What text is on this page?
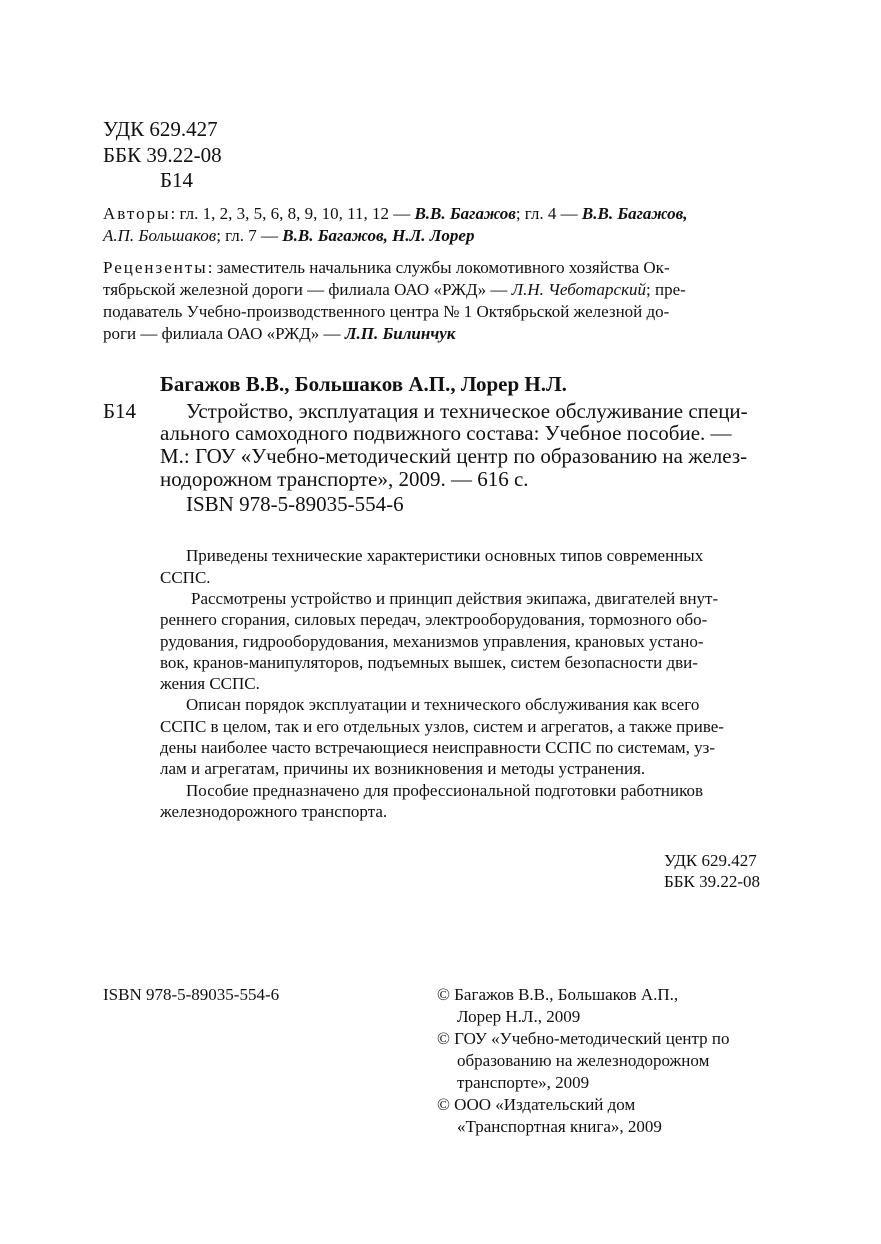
УДК 629.427

ББК 39.22-08

Б14

Авторы: гл. 1, 2, 3, 5, 6, 8, 9, 10, 11, 12 — В.В. Багажов; гл. 4 — В.В. Багажов,

А.П. Большаков; гл. 7 — В.В. Багажов, Н.Л. Лорер

Рецензенты: заместитель начальника службы локомотивного хозяйства Ок-

тябрьской железной дороги — филиала ОАО «РЖД» — Л.Н. Чеботарский; пре-

подаватель Учебно-производственного центра № 1 Октябрьской железной до-

роги — филиала ОАО «РЖД» — Л.П. Билинчук

Багажов В.В., Большаков А.П., Лорер Н.Л.

Б14 Устройство, эксплуатация и техническое обслуживание специ-

ального самоходного подвижного состава: Учебное пособие. —

М.: ГОУ «Учебно-методический центр по образованию на желез-

нодорожном транспорте», 2009. — 616 с.

ISBN 978-5-89035-554-6

Приведены технические характеристики основных типов современных

ССПС.

Рассмотрены устройство и принцип действия экипажа, двигателей внут-

реннего сгорания, силовых передач, электрооборудования, тормозного обо-

рудования, гидрооборудования, механизмов управления, крановых устано-

вок, кранов-манипуляторов, подъемных вышек, систем безопасности дви-

жения ССПС.

Описан порядок эксплуатации и технического обслуживания как всего

ССПС в целом, так и его отдельных узлов, систем и агрегатов, а также приве-

дены наиболее часто встречающиеся неисправности ССПС по системам, уз-

лам и агрегатам, причины их возникновения и методы устранения.

Пособие предназначено для профессиональной подготовки работников

железнодорожного транспорта.

УДК 629.427

ББК 39.22-08

ISBN 978-5-89035-554-6	© Багажов В.В., Большаков А.П.,

Лорер Н.Л., 2009

© ГОУ «Учебно-методический центр по

образованию на железнодорожном

транспорте», 2009

© ООО «Издательский дом

«Транспортная книга», 2009
